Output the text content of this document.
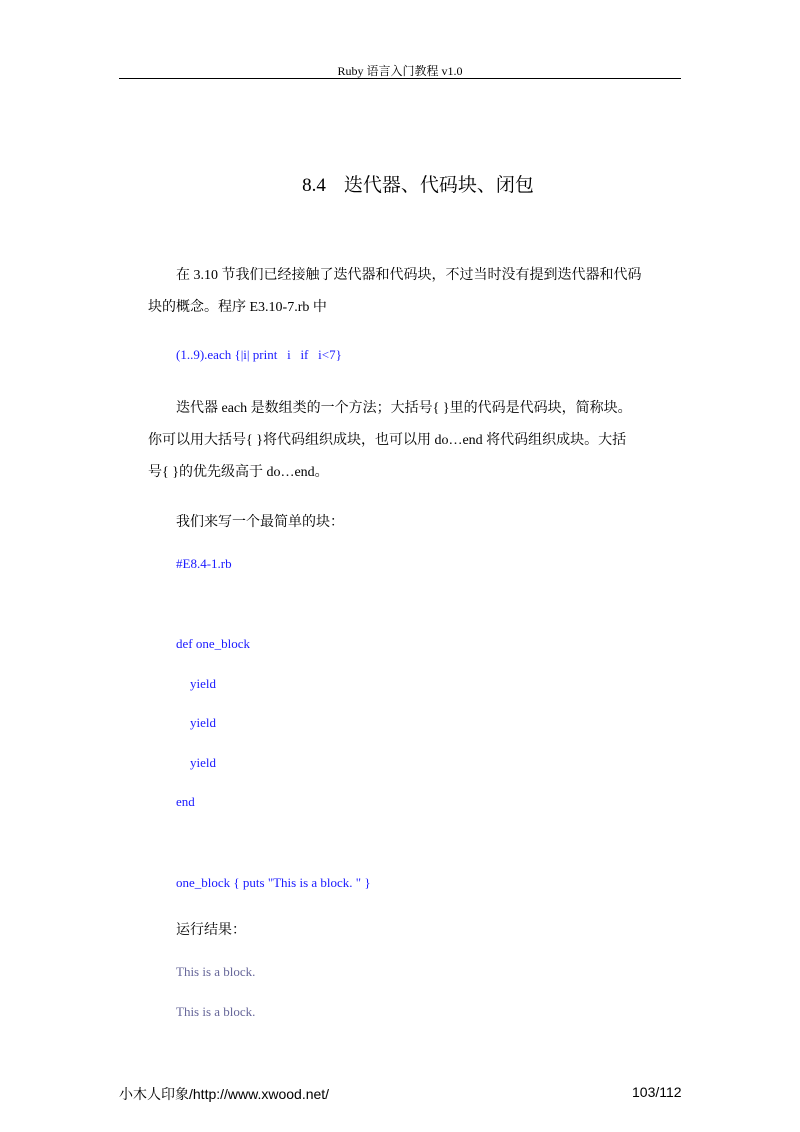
Ruby 语言入门教程 v1.0
8.4 迭代器、代码块、闭包
在 3.10 节我们已经接触了迭代器和代码块，不过当时没有提到迭代器和代码
块的概念。程序 E3.10-7.rb 中
(1..9).each {|i| print   i   if   i<7}
迭代器 each 是数组类的一个方法；大括号{ }里的代码是代码块，简称块。
你可以用大括号{ }将代码组织成块，也可以用 do…end 将代码组织成块。大括
号{ }的优先级高于 do…end。
我们来写一个最简单的块：
#E8.4-1.rb
def one_block
yield
yield
yield
end
one_block { puts "This is a block. " }
运行结果：
This is a block.
This is a block.
小木人印象/http://www.xwood.net/	103/112
